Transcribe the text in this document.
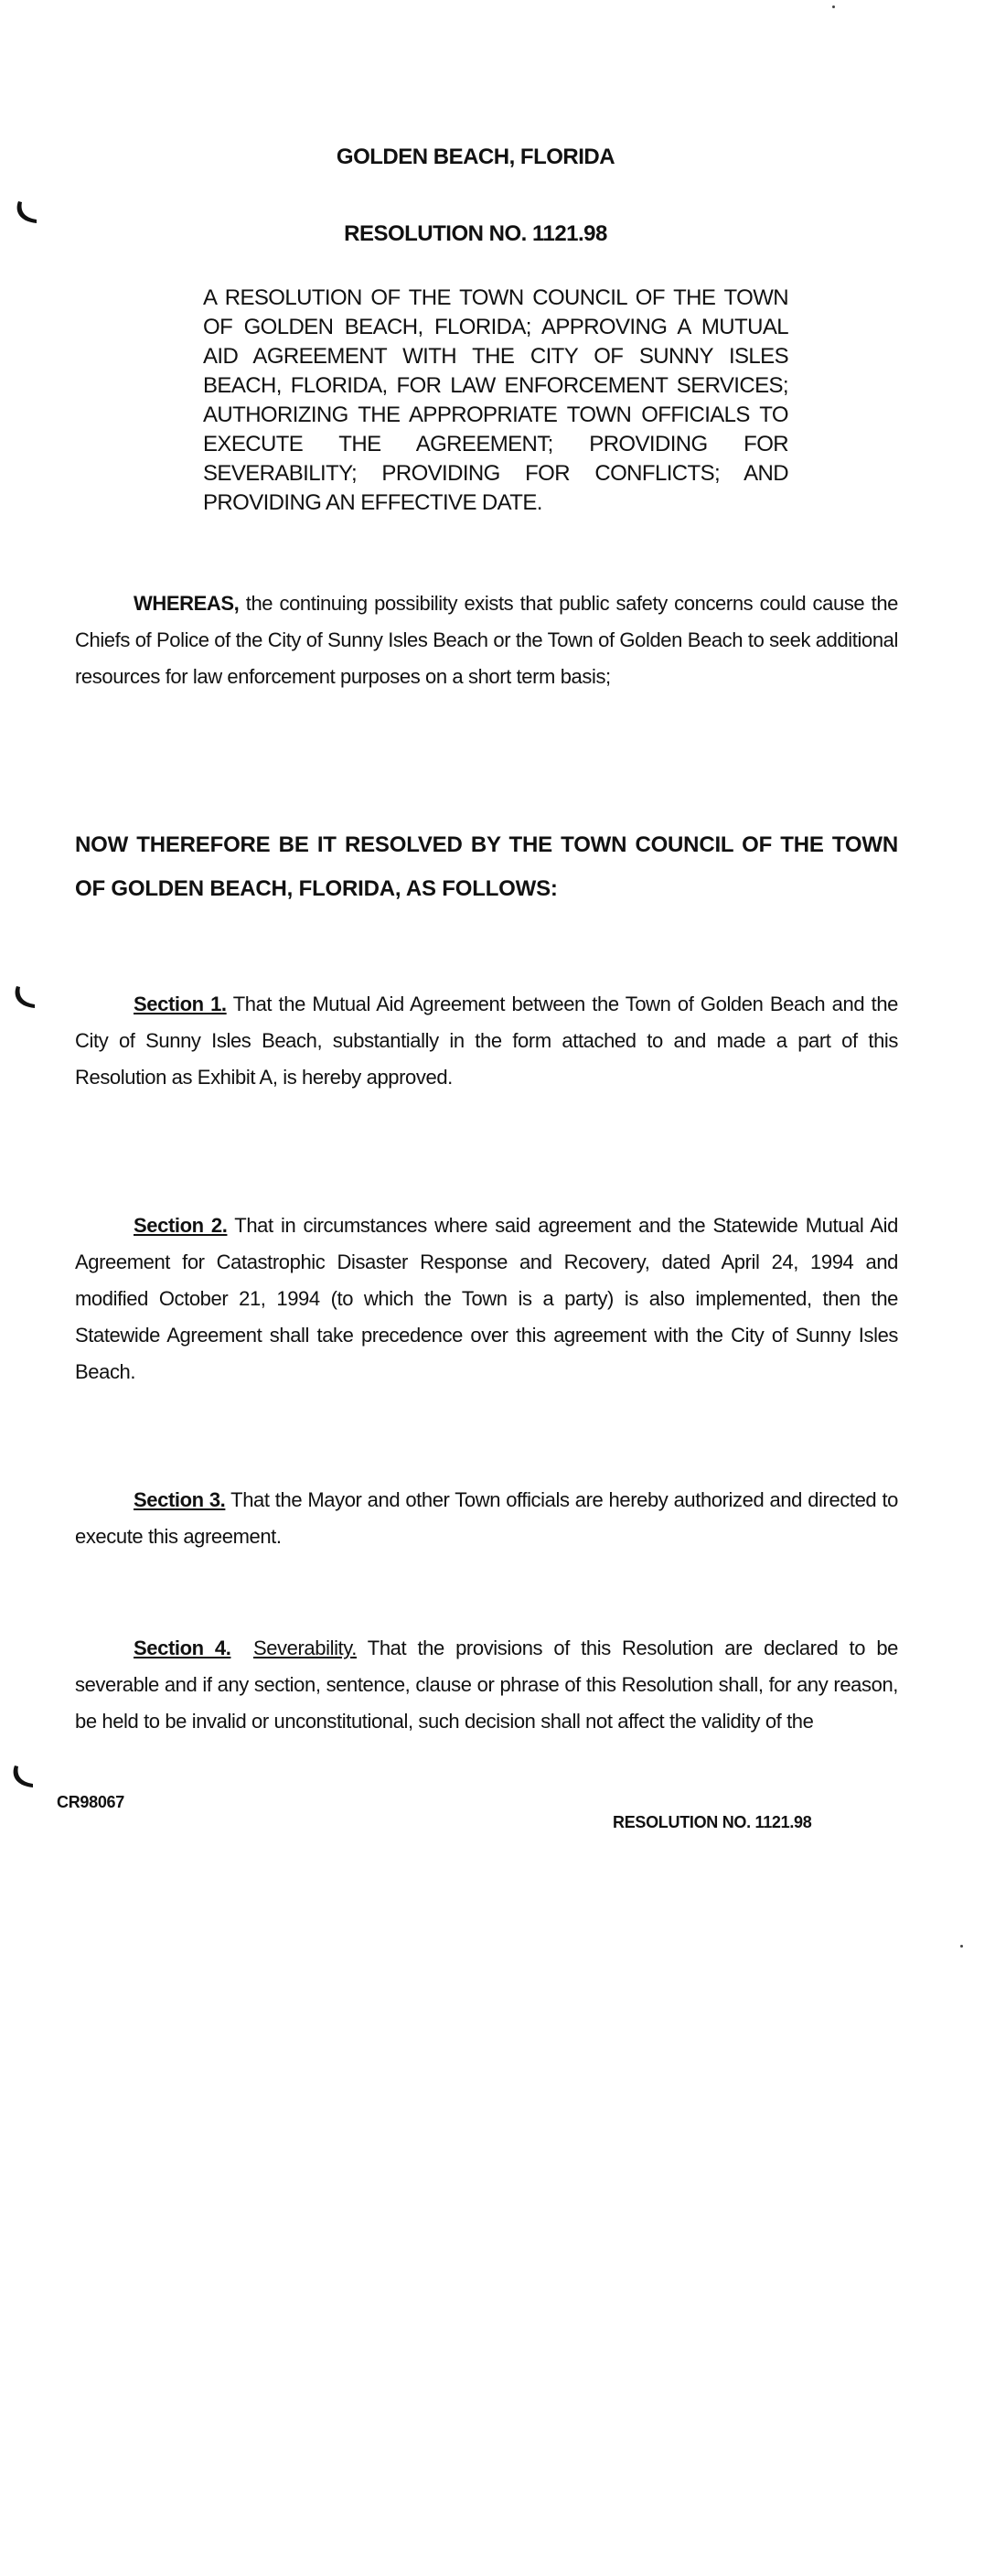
GOLDEN BEACH, FLORIDA
RESOLUTION NO. 1121.98
A RESOLUTION OF THE TOWN COUNCIL OF THE TOWN OF GOLDEN BEACH, FLORIDA; APPROVING A MUTUAL AID AGREEMENT WITH THE CITY OF SUNNY ISLES BEACH, FLORIDA, FOR LAW ENFORCEMENT SERVICES; AUTHORIZING THE APPROPRIATE TOWN OFFICIALS TO EXECUTE THE AGREEMENT; PROVIDING FOR SEVERABILITY; PROVIDING FOR CONFLICTS; AND PROVIDING AN EFFECTIVE DATE.
WHEREAS, the continuing possibility exists that public safety concerns could cause the Chiefs of Police of the City of Sunny Isles Beach or the Town of Golden Beach to seek additional resources for law enforcement purposes on a short term basis;
NOW THEREFORE BE IT RESOLVED BY THE TOWN COUNCIL OF THE TOWN OF GOLDEN BEACH, FLORIDA, AS FOLLOWS:
Section 1. That the Mutual Aid Agreement between the Town of Golden Beach and the City of Sunny Isles Beach, substantially in the form attached to and made a part of this Resolution as Exhibit A, is hereby approved.
Section 2. That in circumstances where said agreement and the Statewide Mutual Aid Agreement for Catastrophic Disaster Response and Recovery, dated April 24, 1994 and modified October 21, 1994 (to which the Town is a party) is also implemented, then the Statewide Agreement shall take precedence over this agreement with the City of Sunny Isles Beach.
Section 3. That the Mayor and other Town officials are hereby authorized and directed to execute this agreement.
Section 4. Severability. That the provisions of this Resolution are declared to be severable and if any section, sentence, clause or phrase of this Resolution shall, for any reason, be held to be invalid or unconstitutional, such decision shall not affect the validity of the
CR98067
RESOLUTION NO. 1121.98
